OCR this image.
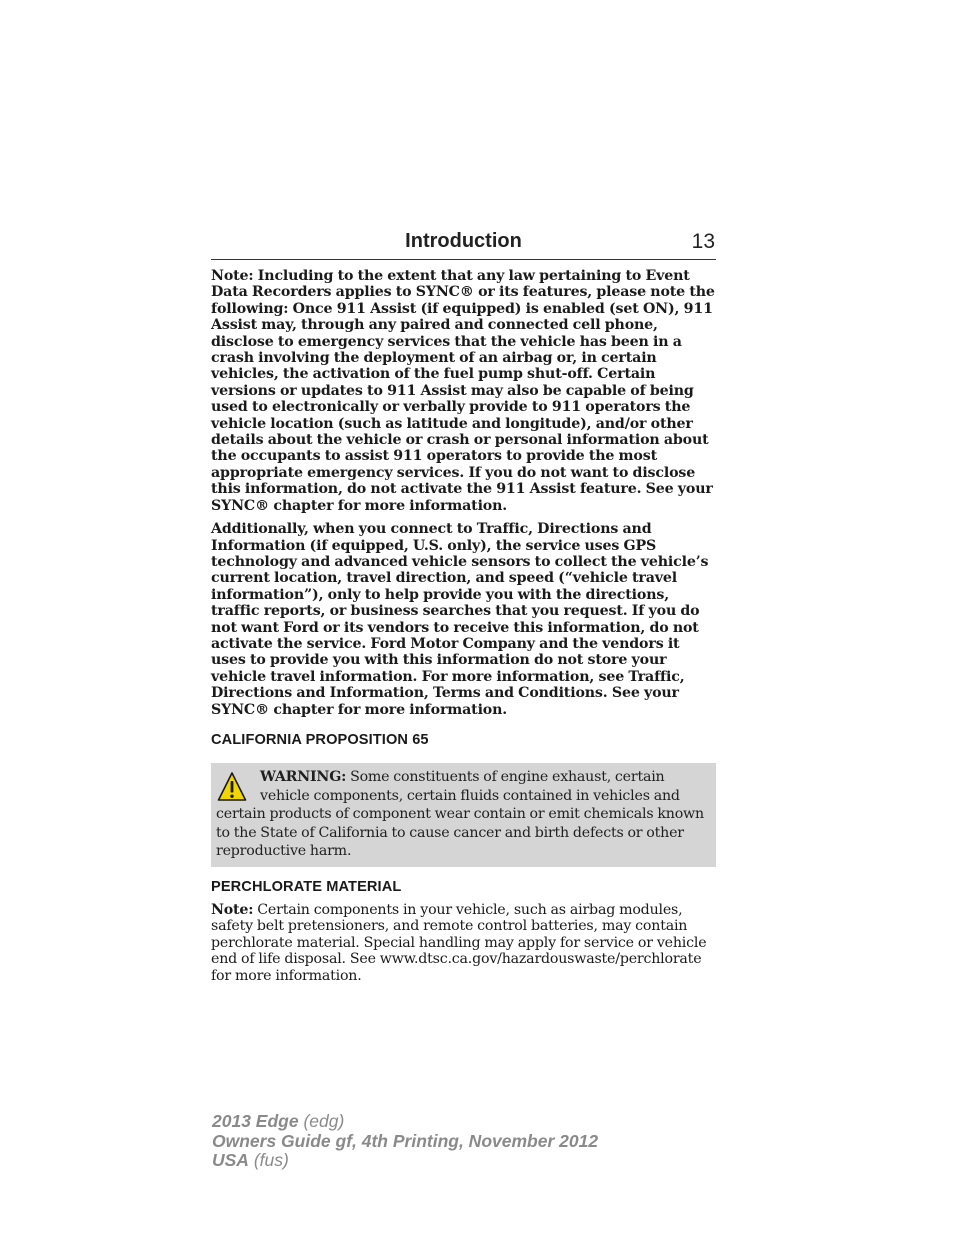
Introduction	13

Note: Including to the extent that any law pertaining to Event Data Recorders applies to SYNC® or its features, please note the following: Once 911 Assist (if equipped) is enabled (set ON), 911 Assist may, through any paired and connected cell phone, disclose to emergency services that the vehicle has been in a crash involving the deployment of an airbag or, in certain vehicles, the activation of the fuel pump shut-off. Certain versions or updates to 911 Assist may also be capable of being used to electronically or verbally provide to 911 operators the vehicle location (such as latitude and longitude), and/or other details about the vehicle or crash or personal information about the occupants to assist 911 operators to provide the most appropriate emergency services. If you do not want to disclose this information, do not activate the 911 Assist feature. See your SYNC® chapter for more information.

Additionally, when you connect to Traffic, Directions and Information (if equipped, U.S. only), the service uses GPS technology and advanced vehicle sensors to collect the vehicle’s current location, travel direction, and speed (“vehicle travel information”), only to help provide you with the directions, traffic reports, or business searches that you request. If you do not want Ford or its vendors to receive this information, do not activate the service. Ford Motor Company and the vendors it uses to provide you with this information do not store your vehicle travel information. For more information, see Traffic, Directions and Information, Terms and Conditions. See your SYNC® chapter for more information.

CALIFORNIA PROPOSITION 65
WARNING: Some constituents of engine exhaust, certain vehicle components, certain fluids contained in vehicles and certain products of component wear contain or emit chemicals known to the State of California to cause cancer and birth defects or other reproductive harm.
PERCHLORATE MATERIAL

Note: Certain components in your vehicle, such as airbag modules, safety belt pretensioners, and remote control batteries, may contain perchlorate material. Special handling may apply for service or vehicle end of life disposal. See www.dtsc.ca.gov/hazardouswaste/perchlorate for more information.

2013 Edge (edg)
Owners Guide gf, 4th Printing, November 2012
USA (fus)
